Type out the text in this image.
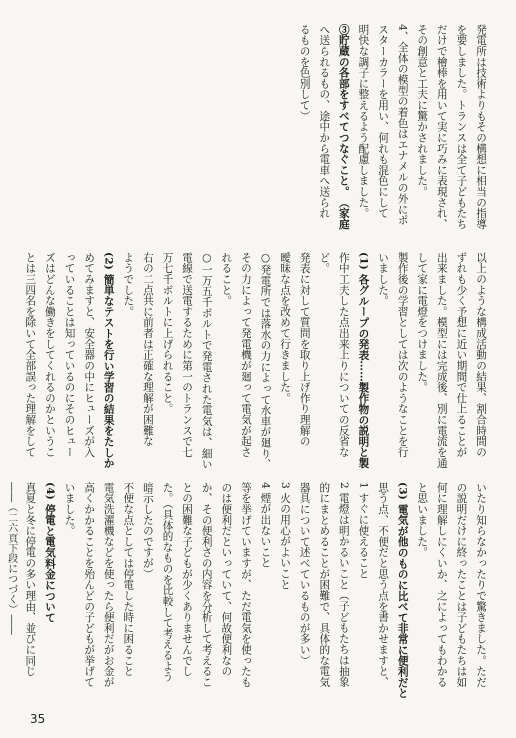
発電所は技術よりもその構想に相当の指導
を要しました。トランスは全て子どもたち
だけで檜棒を用いて実に巧みに表現され、
その創意と工夫に驚かされました。
4、全体の模型の着色はエナメルの外にポ
スターカラーを用い、何れも混色にして
明快な調子に整えるよう配慮しました。
③貯蔵の各部をすべてつなぐこと。（家庭
へ送られるもの、途中から電車へ送られ
るものを色別して）
以上のような構成活動の結果、割合時間の
ずれも少く予想に近い期間で仕上ることが
出来ました。模型には完成後、別に電流を通
して家に電燈をつけました。
製作後の学習としては次のようなことを行
いました。
(1) 各グループの発表……製作物の説明と製
作中工夫した点出来上りについての反省な
ど。
発表に対して質問を取り上げ作り理解の
曖昧な点を改めて行きました。
○発電所では落水の力によって水車が廻り、
その力によって発電機が廻って電気が起さ
れること。
○一万五千ボルトで発電された電気は、細い
電線で送電するために第一のトランスで七
万七千ボルトに上げられること。
右の二点共に前者は正確な理解が困難な
ようでした。
(2) 簡単なテストを行い学習の結果をたしか
めてみますと、安全器の中にヒューズが入
っていることは知っているのにそのヒュー
ズはどんな働きをしてくれるのかというこ
とは三四名を除いて全部誤った理解をして
いたり知らなかったりで驚きました。ただ
の説明だけに終ったことは子どもたちは如
何に理解しにくいか、之によってもわかる
と思いました。
(3) 電気が他のものに比べて非常に便利だと
思う点、不便だと思う点を書かせますと、
1 すぐに使えること
2 電燈は明かるいこと（子どもたちは抽象
的にまとめることが困難で、具体的な電気
器具について述べているものが多い）
3 火の用心がよいこと
4 煙が出ないこと
等を挙げていますが、ただ電気を使ったも
のは便利だといっていて、何故便利なの
か、その便利さの内容を分析して考えるこ
との困難な子どもが少くありませんでし
た。（具体的なものを比較して考えるよう
暗示したのですが）
不便な点としては停電した時に困ること
電気洗濯機などを使ったら便利だがお金が
高くかかることを殆んどの子どもが挙げて
いました。
(4) 停電と電気料金について
真夏と冬に停電の多い理由、並びに同じ
――（二六頁下段につづく）――
35
